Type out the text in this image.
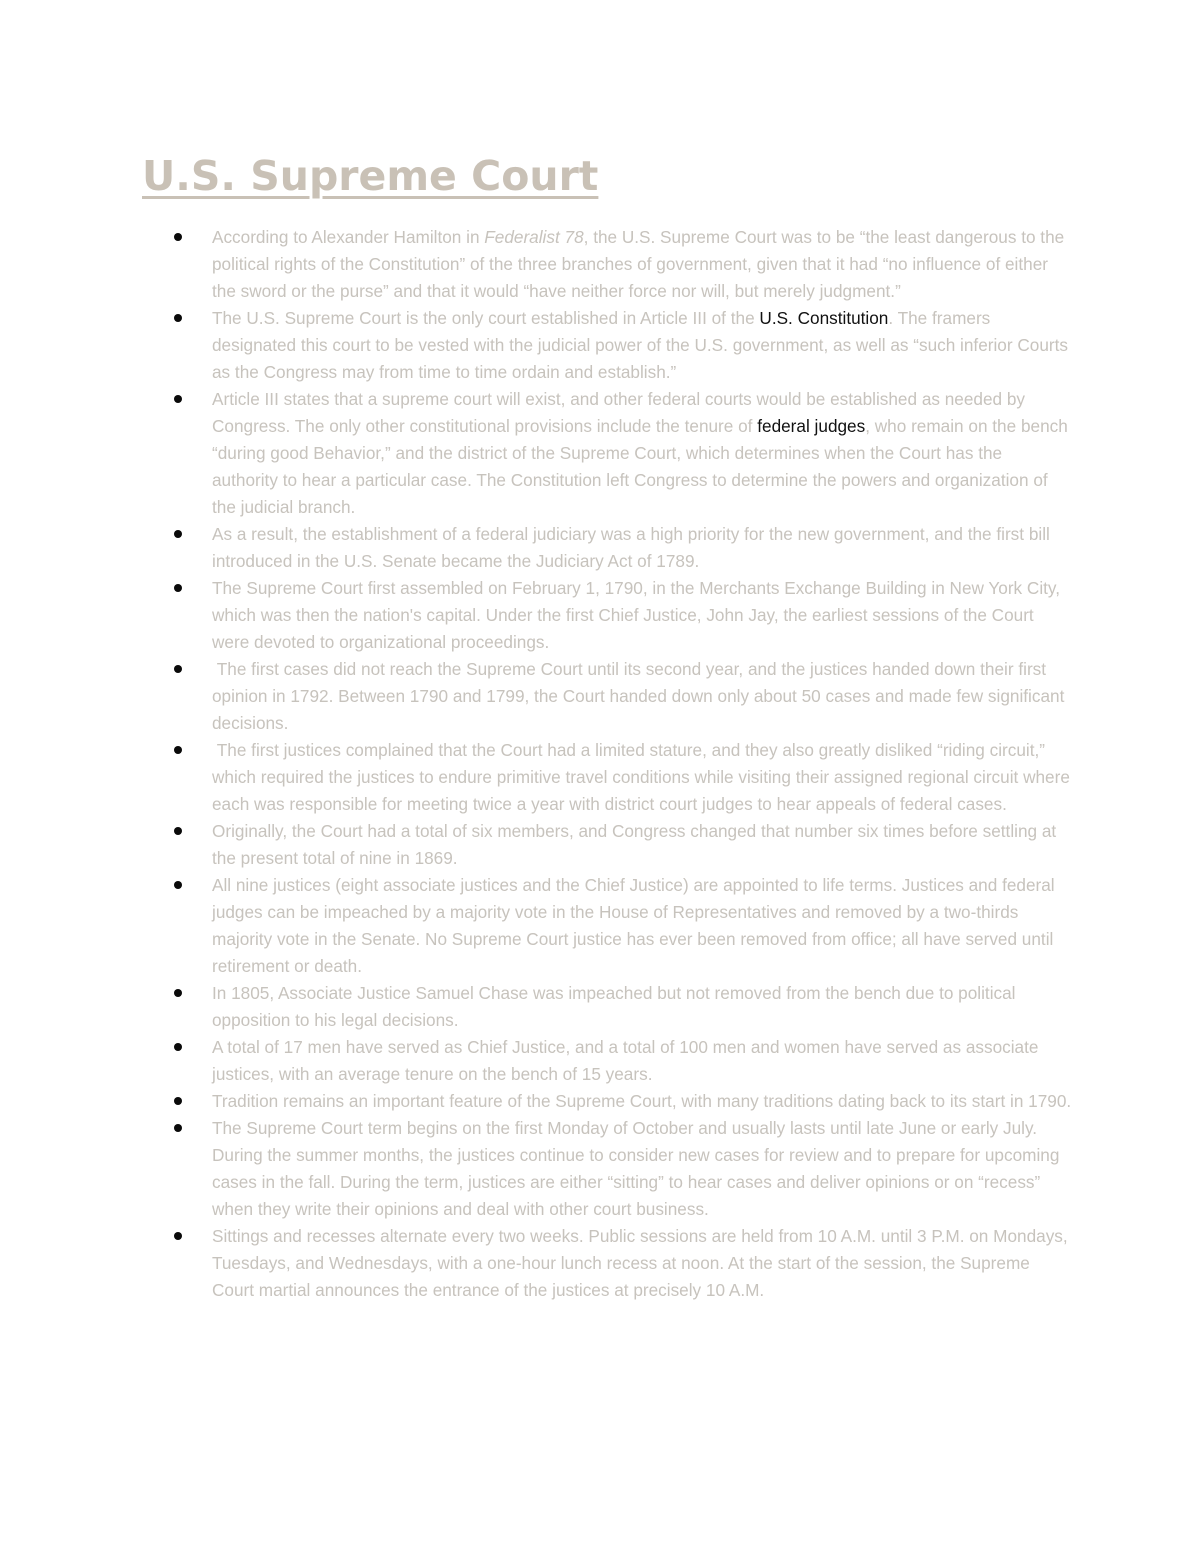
U.S. Supreme Court
According to Alexander Hamilton in Federalist 78, the U.S. Supreme Court was to be “the least dangerous to the political rights of the Constitution” of the three branches of government, given that it had “no influence of either the sword or the purse” and that it would “have neither force nor will, but merely judgment.”
The U.S. Supreme Court is the only court established in Article III of the U.S. Constitution. The framers designated this court to be vested with the judicial power of the U.S. government, as well as “such inferior Courts as the Congress may from time to time ordain and establish.”
Article III states that a supreme court will exist, and other federal courts would be established as needed by Congress. The only other constitutional provisions include the tenure of federal judges, who remain on the bench “during good Behavior,” and the district of the Supreme Court, which determines when the Court has the authority to hear a particular case. The Constitution left Congress to determine the powers and organization of the judicial branch.
As a result, the establishment of a federal judiciary was a high priority for the new government, and the first bill introduced in the U.S. Senate became the Judiciary Act of 1789.
The Supreme Court first assembled on February 1, 1790, in the Merchants Exchange Building in New York City, which was then the nation's capital. Under the first Chief Justice, John Jay, the earliest sessions of the Court were devoted to organizational proceedings.
The first cases did not reach the Supreme Court until its second year, and the justices handed down their first opinion in 1792. Between 1790 and 1799, the Court handed down only about 50 cases and made few significant decisions.
The first justices complained that the Court had a limited stature, and they also greatly disliked “riding circuit,” which required the justices to endure primitive travel conditions while visiting their assigned regional circuit where each was responsible for meeting twice a year with district court judges to hear appeals of federal cases.
Originally, the Court had a total of six members, and Congress changed that number six times before settling at the present total of nine in 1869.
All nine justices (eight associate justices and the Chief Justice) are appointed to life terms. Justices and federal judges can be impeached by a majority vote in the House of Representatives and removed by a two-thirds majority vote in the Senate. No Supreme Court justice has ever been removed from office; all have served until retirement or death.
In 1805, Associate Justice Samuel Chase was impeached but not removed from the bench due to political opposition to his legal decisions.
A total of 17 men have served as Chief Justice, and a total of 100 men and women have served as associate justices, with an average tenure on the bench of 15 years.
Tradition remains an important feature of the Supreme Court, with many traditions dating back to its start in 1790.
The Supreme Court term begins on the first Monday of October and usually lasts until late June or early July. During the summer months, the justices continue to consider new cases for review and to prepare for upcoming cases in the fall. During the term, justices are either “sitting” to hear cases and deliver opinions or on “recess” when they write their opinions and deal with other court business.
Sittings and recesses alternate every two weeks. Public sessions are held from 10 A.M. until 3 P.M. on Mondays, Tuesdays, and Wednesdays, with a one-hour lunch recess at noon. At the start of the session, the Supreme Court martial announces the entrance of the justices at precisely 10 A.M.
